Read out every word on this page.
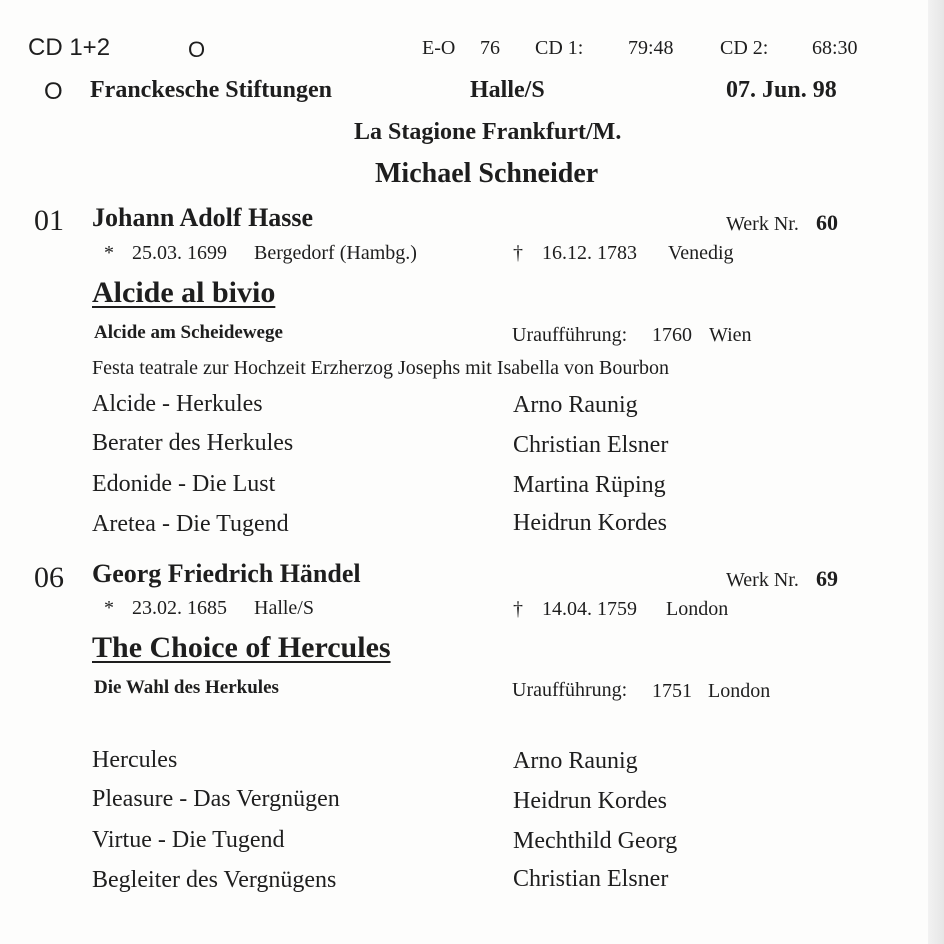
CD 1+2	O	E-O 76 CD 1: 79:48 CD 2: 68:30
O Franckesche Stiftungen	Halle/S	07. Jun. 98
La Stagione Frankfurt/M.
Michael Schneider
01 Johann Adolf Hasse	Werk Nr. 60
* 25.03. 1699 Bergedorf (Hambg.)	† 16.12. 1783 Venedig
Alcide al bivio
Alcide am Scheidewege	Uraufführung: 1760 Wien
Festa teatrale zur Hochzeit Erzherzog Josephs mit Isabella von Bourbon
Alcide - Herkules	Arno Raunig
Berater des Herkules	Christian Elsner
Edonide - Die Lust	Martina Rüping
Aretea - Die Tugend	Heidrun Kordes
06 Georg Friedrich Händel	Werk Nr. 69
* 23.02. 1685 Halle/S	† 14.04. 1759 London
The Choice of Hercules
Die Wahl des Herkules	Uraufführung: 1751 London
Hercules	Arno Raunig
Pleasure - Das Vergnügen	Heidrun Kordes
Virtue - Die Tugend	Mechthild Georg
Begleiter des Vergnügens	Christian Elsner
